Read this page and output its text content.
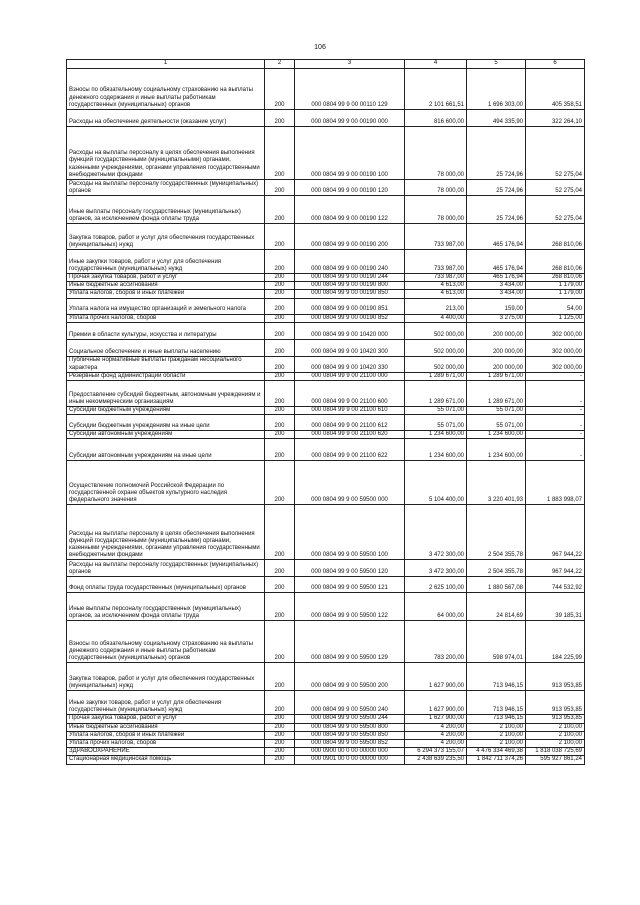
106
1	2	3	4	5	6
Взносы по обязательному социальному страхованию на выплаты денежного содержания и иные выплаты работникам государственных (муниципальных) органов	200	000 0804 99 9 00 00110 129	2 101 661,51	1 696 303,00	405 358,51
Расходы на обеспечение деятельности (оказание услуг)	200	000 0804 99 9 00 00190 000	816 600,00	494 335,90	322 264,10
Расходы на выплаты персоналу в целях обеспечения выполнения функций государственными (муниципальными) органами, казенными учреждениями, органами управления государственными внебюджетными фондами	200	000 0804 99 9 00 00190 100	78 000,00	25 724,96	52 275,04
Расходы на выплаты персоналу государственных (муниципальных) органов	200	000 0804 99 9 00 00190 120	78 000,00	25 724,96	52 275,04
Иные выплаты персоналу государственных (муниципальных) органов, за исключением фонда оплаты труда	200	000 0804 99 9 00 00190 122	78 000,00	25 724,96	52 275,04
Закупка товаров, работ и услуг для обеспечения государственных (муниципальных) нужд	200	000 0804 99 9 00 00190 200	733 987,00	465 176,94	268 810,06
Иные закупки товаров, работ и услуг для обеспечения государственных (муниципальных) нужд	200	000 0804 99 9 00 00190 240	733 987,00	465 176,94	268 810,06
Прочая закупка товаров, работ и услуг	200	000 0804 99 9 00 00190 244	733 987,00	465 176,94	268 810,06
Иные бюджетные ассигнования	200	000 0804 99 9 00 00190 800	4 613,00	3 434,00	1 179,00
Уплата налогов, сборов и иных платежей	200	000 0804 99 9 00 00190 850	4 613,00	3 434,00	1 179,00
Уплата налога на имущество организаций и земельного налога	200	000 0804 99 9 00 00190 851	213,00	159,00	54,00
Уплата прочих налогов, сборов	200	000 0804 99 9 00 00190 852	4 400,00	3 275,00	1 125,00
Премии в области культуры, искусства и литературы	200	000 0804 99 9 00 10420 000	502 000,00	200 000,00	302 000,00
Социальное обеспечение и иные выплаты населению	200	000 0804 99 9 00 10420 300	502 000,00	200 000,00	302 000,00
Публичные нормативные выплаты гражданам несоциального характера	200	000 0804 99 9 00 10420 330	502 000,00	200 000,00	302 000,00
Резервный фонд администрации области	200	000 0804 99 9 00 21100 000	1 289 671,00	1 289 671,00	-
Предоставление субсидий бюджетным, автономным учреждениям и иным некоммерческим организациям	200	000 0804 99 9 00 21100 600	1 289 671,00	1 289 671,00	-
Субсидии бюджетным учреждениям	200	000 0804 99 9 00 21100 610	55 071,00	55 071,00	-
Субсидии бюджетным учреждениям на иные цели	200	000 0804 99 9 00 21100 612	55 071,00	55 071,00	-
Субсидии автономным учреждениям	200	000 0804 99 9 00 21100 620	1 234 600,00	1 234 600,00	-
Субсидии автономным учреждениям на иные цели	200	000 0804 99 9 00 21100 622	1 234 600,00	1 234 600,00	-
Осуществление полномочий Российской Федерации по государственной охране объектов культурного наследия федерального значения	200	000 0804 99 9 00 59500 000	5 104 400,00	3 220 401,93	1 883 998,07
Расходы на выплаты персоналу в целях обеспечения выполнения функций государственными (муниципальными) органами, казенными учреждениями, органами управления государственными внебюджетными фондами	200	000 0804 99 9 00 59500 100	3 472 300,00	2 504 355,78	967 944,22
Расходы на выплаты персоналу государственных (муниципальных) органов	200	000 0804 99 9 00 59500 120	3 472 300,00	2 504 355,78	967 944,22
Фонд оплаты труда государственных (муниципальных) органов	200	000 0804 99 9 00 59500 121	2 625 100,00	1 880 567,08	744 532,92
Иные выплаты персоналу государственных (муниципальных) органов, за исключением фонда оплаты труда	200	000 0804 99 9 00 59500 122	64 000,00	24 814,69	39 185,31
Взносы по обязательному социальному страхованию на выплаты денежного содержания и иные выплаты работникам государственных (муниципальных) органов	200	000 0804 99 9 00 59500 129	783 200,00	598 974,01	184 225,99
Закупка товаров, работ и услуг для обеспечения государственных (муниципальных) нужд	200	000 0804 99 9 00 59500 200	1 627 900,00	713 946,15	913 953,85
Иные закупки товаров, работ и услуг для обеспечения государственных (муниципальных) нужд	200	000 0804 99 9 00 59500 240	1 627 900,00	713 946,15	913 953,85
Прочая закупка товаров, работ и услуг	200	000 0804 99 9 00 59500 244	1 627 900,00	713 946,15	913 953,85
Иные бюджетные ассигнования	200	000 0804 99 9 00 59500 800	4 200,00	2 100,00	2 100,00
Уплата налогов, сборов и иных платежей	200	000 0804 99 9 00 59500 850	4 200,00	2 100,00	2 100,00
Уплата прочих налогов, сборов	200	000 0804 99 9 00 59500 852	4 200,00	2 100,00	2 100,00
ЗДРАВООХРАНЕНИЕ	200	000 0900 00 0 00 00000 000	6 294 373 155,07	4 476 334 469,38	1 818 038 725,69
Стационарная медицинская помощь	200	000 0901 00 0 00 00000 000	2 438 639 235,50	1 842 711 374,26	595 927 861,24
